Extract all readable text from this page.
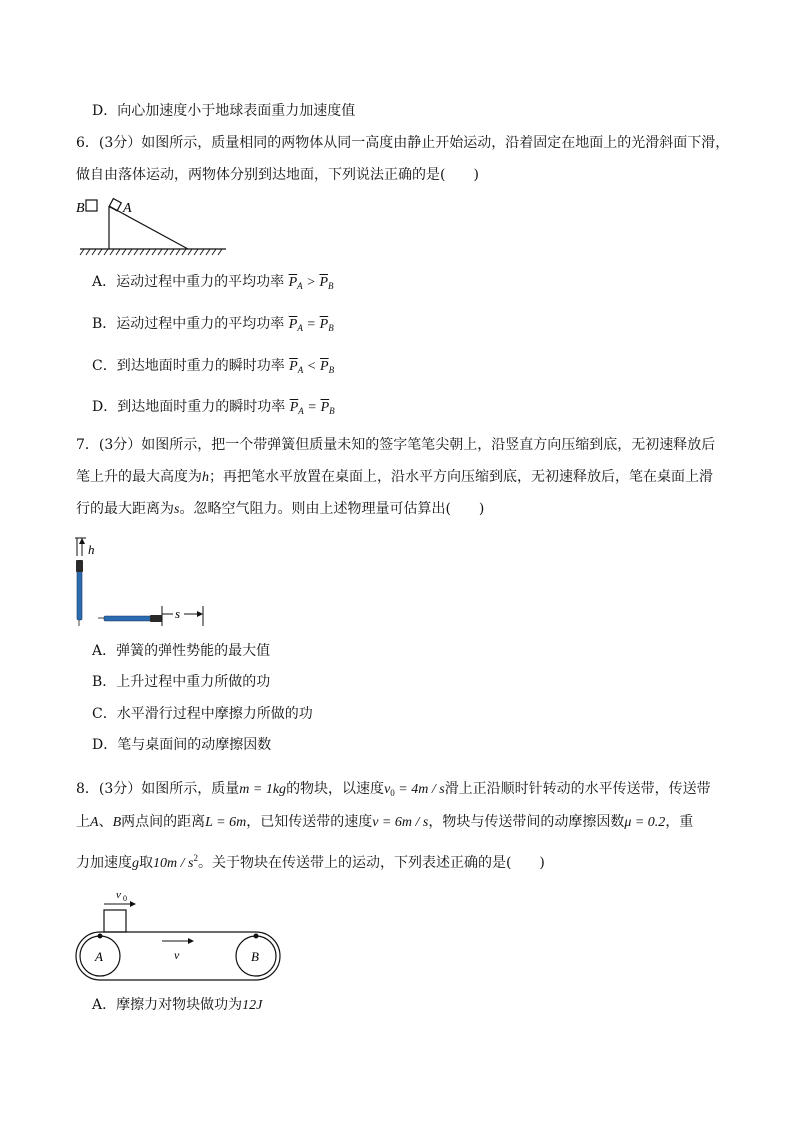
D．向心加速度小于地球表面重力加速度值
6．(3分）如图所示，质量相同的两物体从同一高度由静止开始运动，沿着固定在地面上的光滑斜面下滑，
做自由落体运动，两物体分别到达地面，下列说法正确的是(　　)
B	A
A．运动过程中重力的平均功率 $\overline{P}_A > \overline{P}_B$
B．运动过程中重力的平均功率 $\overline{P}_A = \overline{P}_B$
C．到达地面时重力的瞬时功率 $\overline{P}_A < \overline{P}_B$
D．到达地面时重力的瞬时功率 $\overline{P}_A = \overline{P}_B$
7．(3分）如图所示，把一个带弹簧但质量未知的签字笔笔尖朝上，沿竖直方向压缩到底，无初速释放后
笔上升的最大高度为h；再把笔水平放置在桌面上，沿水平方向压缩到底，无初速释放后，笔在桌面上滑
行的最大距离为s。忽略空气阻力。则由上述物理量可估算出(　　)
h
s
A．弹簧的弹性势能的最大值
B．上升过程中重力所做的功
C．水平滑行过程中摩擦力所做的功
D．笔与桌面间的动摩擦因数
8．(3分）如图所示，质量m = 1kg的物块，以速度$v_0 = 4m / s$滑上正沿顺时针转动的水平传送带，传送带
上A、B两点间的距离L = 6m，已知传送带的速度v = 6m / s，物块与传送带间的动摩擦因数μ = 0.2，重
力加速度g取$10m / s^2$。关于物块在传送带上的运动，下列表述正确的是(　　)
v 0
A	B
v
A．摩擦力对物块做功为12J
